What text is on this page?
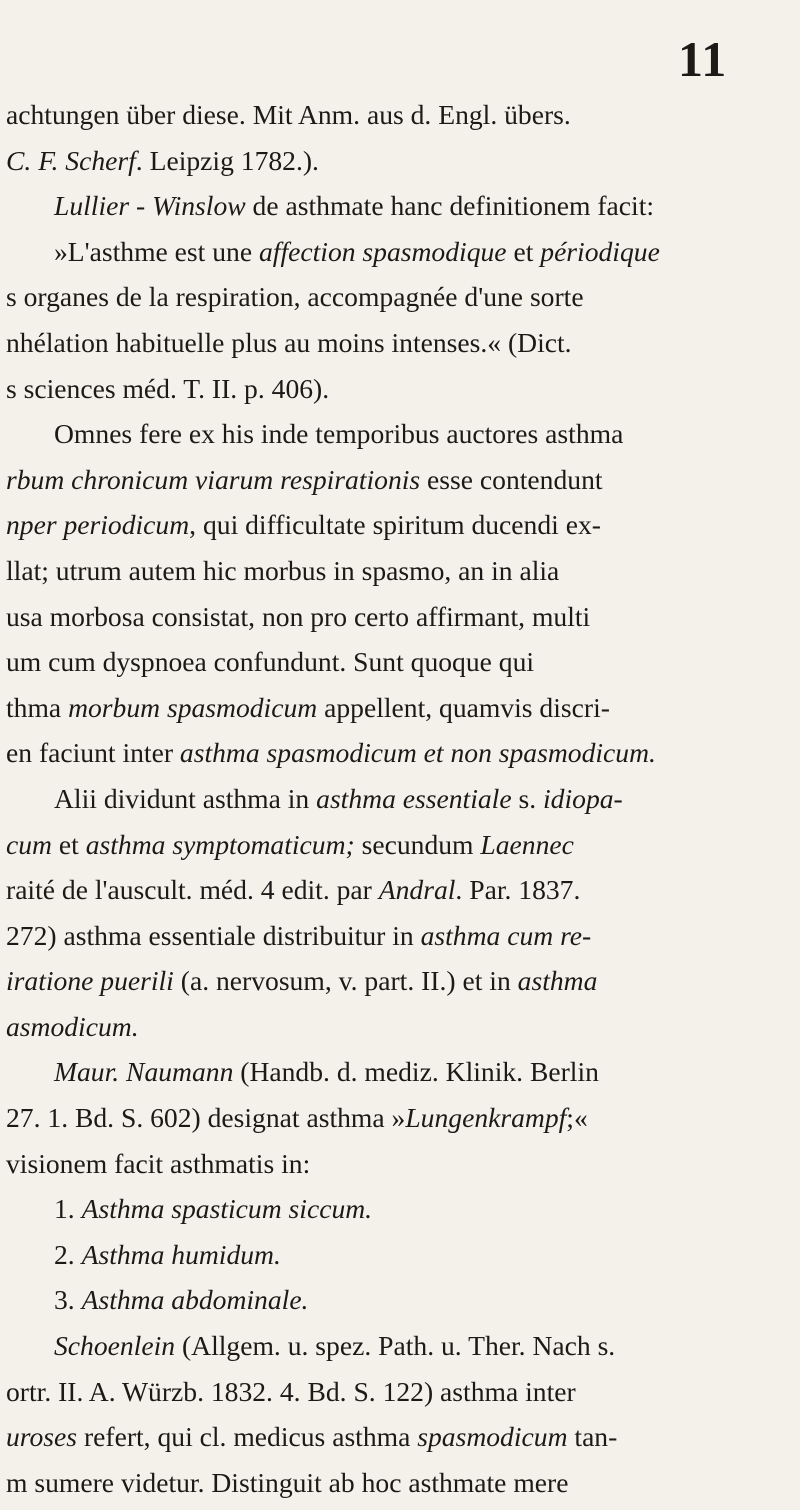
11
achtungen über diese. Mit Anm. aus d. Engl. übers.
C. F. Scherf. Leipzig 1782.).
Lullier - Winslow de asthmate hanc definitionem facit:
»L'asthme est une affection spasmodique et périodique
s organes de la respiration, accompagnée d'une sorte
nhélation habituelle plus au moins intenses.« (Dict.
s sciences méd. T. II. p. 406).
Omnes fere ex his inde temporibus auctores asthma
rbum chronicum viarum respirationis esse contendunt
nper periodicum, qui difficultate spiritum ducendi ex-
llat; utrum autem hic morbus in spasmo, an in alia
usa morbosa consistat, non pro certo affirmant, multi
um cum dyspnoea confundunt. Sunt quoque qui
thma morbum spasmodicum appellent, quamvis discri-
en faciunt inter asthma spasmodicum et non spasmodicum.
Alii dividunt asthma in asthma essentiale s. idiopa-
cum et asthma symptomaticum; secundum Laennec
raité de l'auscult. méd. 4 edit. par Andral. Par. 1837.
272) asthma essentiale distribuitur in asthma cum re-
iratione puerili (a. nervosum, v. part. II.) et in asthma
asmodicum.
Maur. Naumann (Handb. d. mediz. Klinik. Berlin
27. 1. Bd. S. 602) designat asthma »Lungenkrampf;«
visionem facit asthmatis in:
1. Asthma spasticum siccum.
2. Asthma humidum.
3. Asthma abdominale.
Schoenlein (Allgem. u. spez. Path. u. Ther. Nach s.
ortr. II. A. Würzb. 1832. 4. Bd. S. 122) asthma inter
uroses refert, qui cl. medicus asthma spasmodicum tan-
m sumere videtur. Distinguit ab hoc asthmate mere
